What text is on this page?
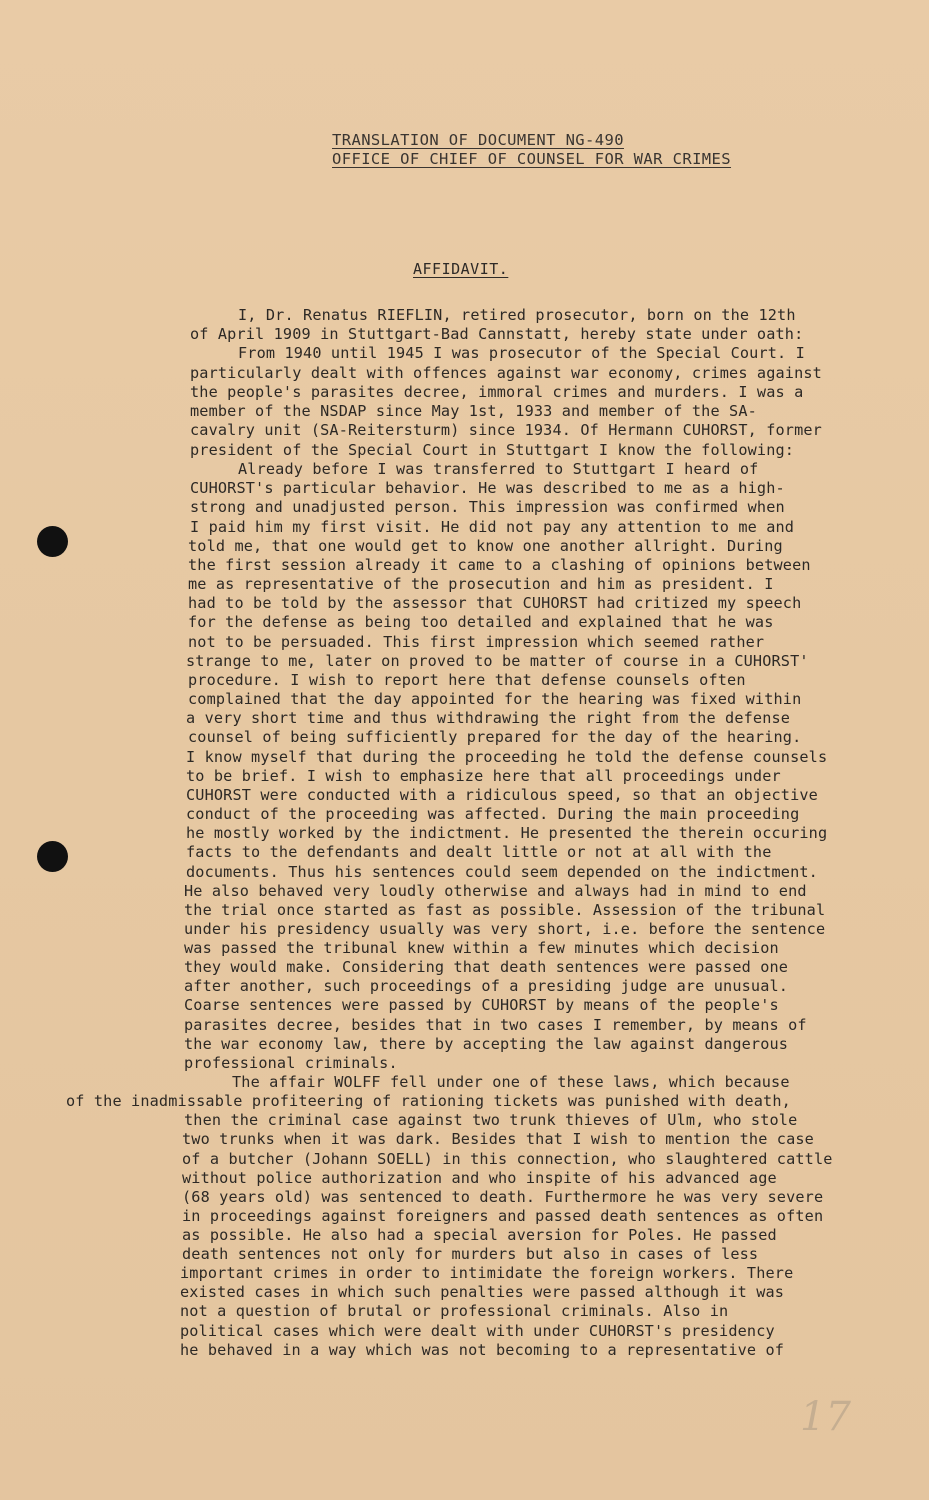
TRANSLATION OF DOCUMENT NG-490
OFFICE OF CHIEF OF COUNSEL FOR WAR CRIMES
AFFIDAVIT.
I, Dr. Renatus RIEFLIN, retired prosecutor, born on the 12th
of April 1909 in Stuttgart-Bad Cannstatt, hereby state under oath:
From 1940 until 1945 I was prosecutor of the Special Court. I
particularly dealt with offences against war economy, crimes against
the people's parasites decree, immoral crimes and murders. I was a
member of the NSDAP since May 1st, 1933 and member of the SA-
cavalry unit (SA-Reitersturm) since 1934. Of Hermann CUHORST, former
president of the Special Court in Stuttgart I know the following:
Already before I was transferred to Stuttgart I heard of
CUHORST's particular behavior. He was described to me as a high-
strong and unadjusted person. This impression was confirmed when
I paid him my first visit. He did not pay any attention to me and
told me, that one would get to know one another allright. During
the first session already it came to a clashing of opinions between
me as representative of the prosecution and him as president. I
had to be told by the assessor that CUHORST had critized my speech
for the defense as being too detailed and explained that he was
not to be persuaded. This first impression which seemed rather
strange to me, later on proved to be matter of course in a CUHORST'
procedure. I wish to report here that defense counsels often
complained that the day appointed for the hearing was fixed within
a very short time and thus withdrawing the right from the defense
counsel of being sufficiently prepared for the day of the hearing.
I know myself that during the proceeding he told the defense counsels
to be brief. I wish to emphasize here that all proceedings under
CUHORST were conducted with a ridiculous speed, so that an objective
conduct of the proceeding was affected. During the main proceeding
he mostly worked by the indictment. He presented the therein occuring
facts to the defendants and dealt little or not at all with the
documents. Thus his sentences could seem depended on the indictment.
He also behaved very loudly otherwise and always had in mind to end
the trial once started as fast as possible. Assession of the tribunal
under his presidency usually was very short, i.e. before the sentence
was passed the tribunal knew within a few minutes which decision
they would make. Considering that death sentences were passed one
after another, such proceedings of a presiding judge are unusual.
Coarse sentences were passed by CUHORST by means of the people's
parasites decree, besides that in two cases I remember, by means of
the war economy law, there by accepting the law against dangerous
professional criminals.
The affair WOLFF fell under one of these laws, which because
of the inadmissable profiteering of rationing tickets was punished with death,
then the criminal case against two trunk thieves of Ulm, who stole
two trunks when it was dark. Besides that I wish to mention the case
of a butcher (Johann SOELL) in this connection, who slaughtered cattle
without police authorization and who inspite of his advanced age
(68 years old) was sentenced to death. Furthermore he was very severe
in proceedings against foreigners and passed death sentences as often
as possible. He also had a special aversion for Poles. He passed
death sentences not only for murders but also in cases of less
important crimes in order to intimidate the foreign workers. There
existed cases in which such penalties were passed although it was
not a question of brutal or professional criminals. Also in
political cases which were dealt with under CUHORST's presidency
he behaved in a way which was not becoming to a representative of
17
